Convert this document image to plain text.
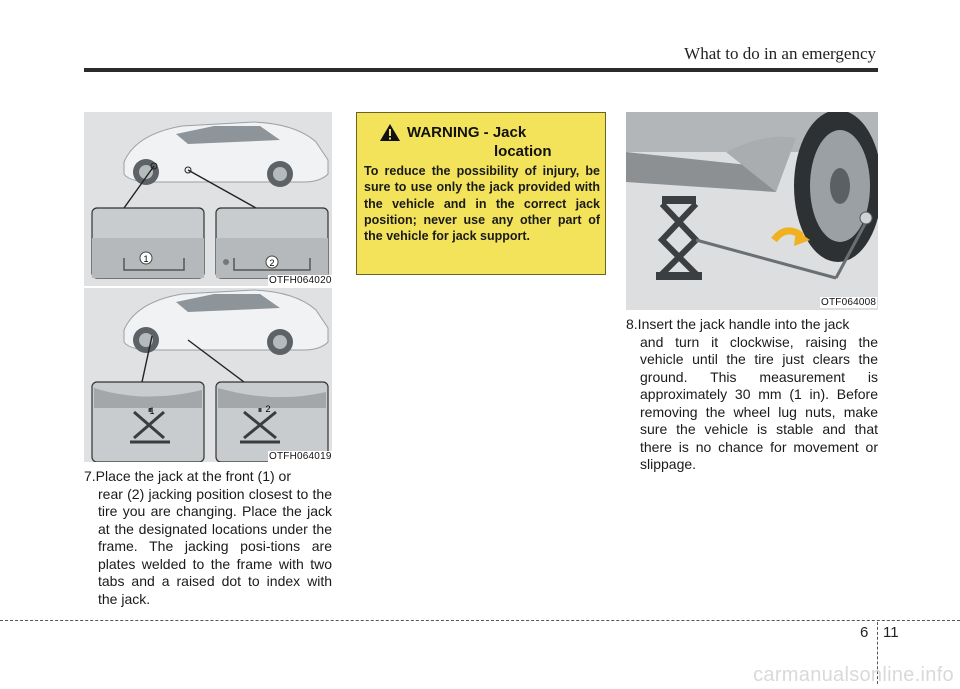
What to do in an emergency
1	2
OTFH064020
1	2
OTFH064019

7.Place the jack at the front (1) or
rear (2) jacking position closest to the tire you are changing. Place the jack at the designated locations under the frame. The jacking posi-tions are plates welded to the frame with two tabs and a raised dot to index with the jack.

WARNING - Jack
location

To reduce the possibility of injury, be sure to use only the jack provided with the vehicle and in the correct jack position; never use any other part of the vehicle for jack support.

OTF064008

8.Insert the jack handle into the jack
and turn it clockwise, raising the vehicle until the tire just clears the ground. This measurement is approximately 30 mm (1 in). Before removing the wheel lug nuts, make sure the vehicle is stable and that there is no chance for movement or slippage.

6 11
carmanualsonline.info
